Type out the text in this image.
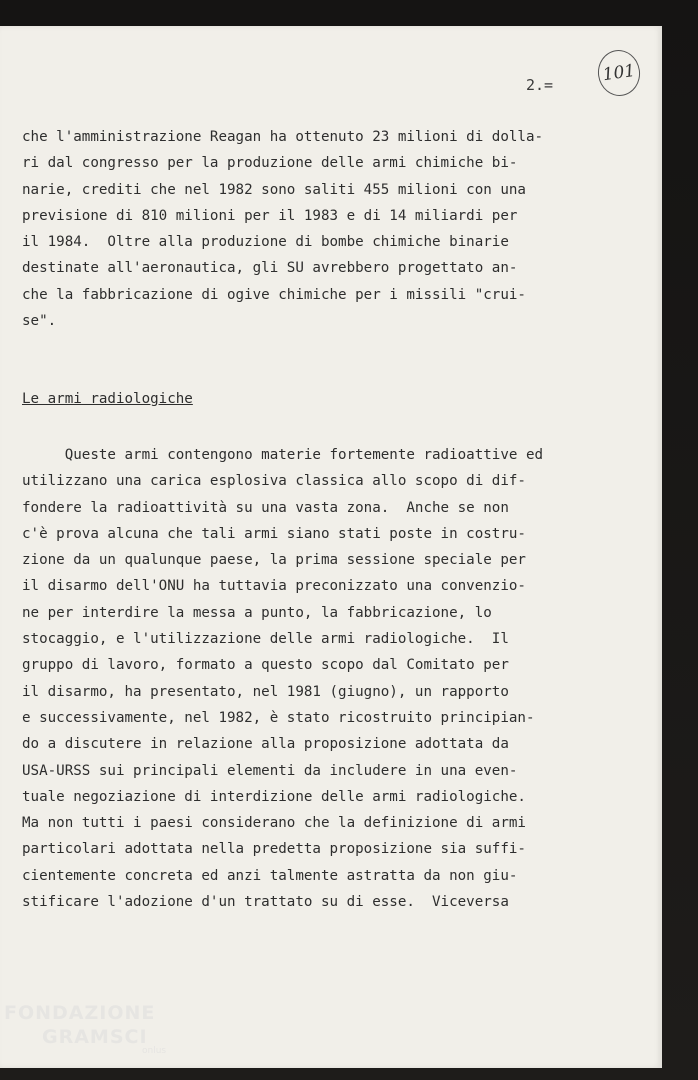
2.=	101

che l'amministrazione Reagan ha ottenuto 23 milioni di dolla-
ri dal congresso per la produzione delle armi chimiche bi-
narie, crediti che nel 1982 sono saliti 455 milioni con una
previsione di 810 milioni per il 1983 e di 14 miliardi per
il 1984.  Oltre alla produzione di bombe chimiche binarie
destinate all'aeronautica, gli SU avrebbero progettato an-
che la fabbricazione di ogive chimiche per i missili "crui-
se".

Le armi radiologiche

Queste armi contengono materie fortemente radioattive ed
utilizzano una carica esplosiva classica allo scopo di dif-
fondere la radioattività su una vasta zona.  Anche se non
c'è prova alcuna che tali armi siano stati poste in costru-
zione da un qualunque paese, la prima sessione speciale per
il disarmo dell'ONU ha tuttavia preconizzato una convenzio-
ne per interdire la messa a punto, la fabbricazione, lo
stocaggio, e l'utilizzazione delle armi radiologiche.  Il
gruppo di lavoro, formato a questo scopo dal Comitato per
il disarmo, ha presentato, nel 1981 (giugno), un rapporto
e successivamente, nel 1982, è stato ricostruito principian-
do a discutere in relazione alla proposizione adottata da
USA-URSS sui principali elementi da includere in una even-
tuale negoziazione di interdizione delle armi radiologiche.
Ma non tutti i paesi considerano che la definizione di armi
particolari adottata nella predetta proposizione sia suffi-
cientemente concreta ed anzi talmente astratta da non giu-
stificare l'adozione d'un trattato su di esse.  Viceversa

FONDAZIONE
GRAMSCI
onlus
